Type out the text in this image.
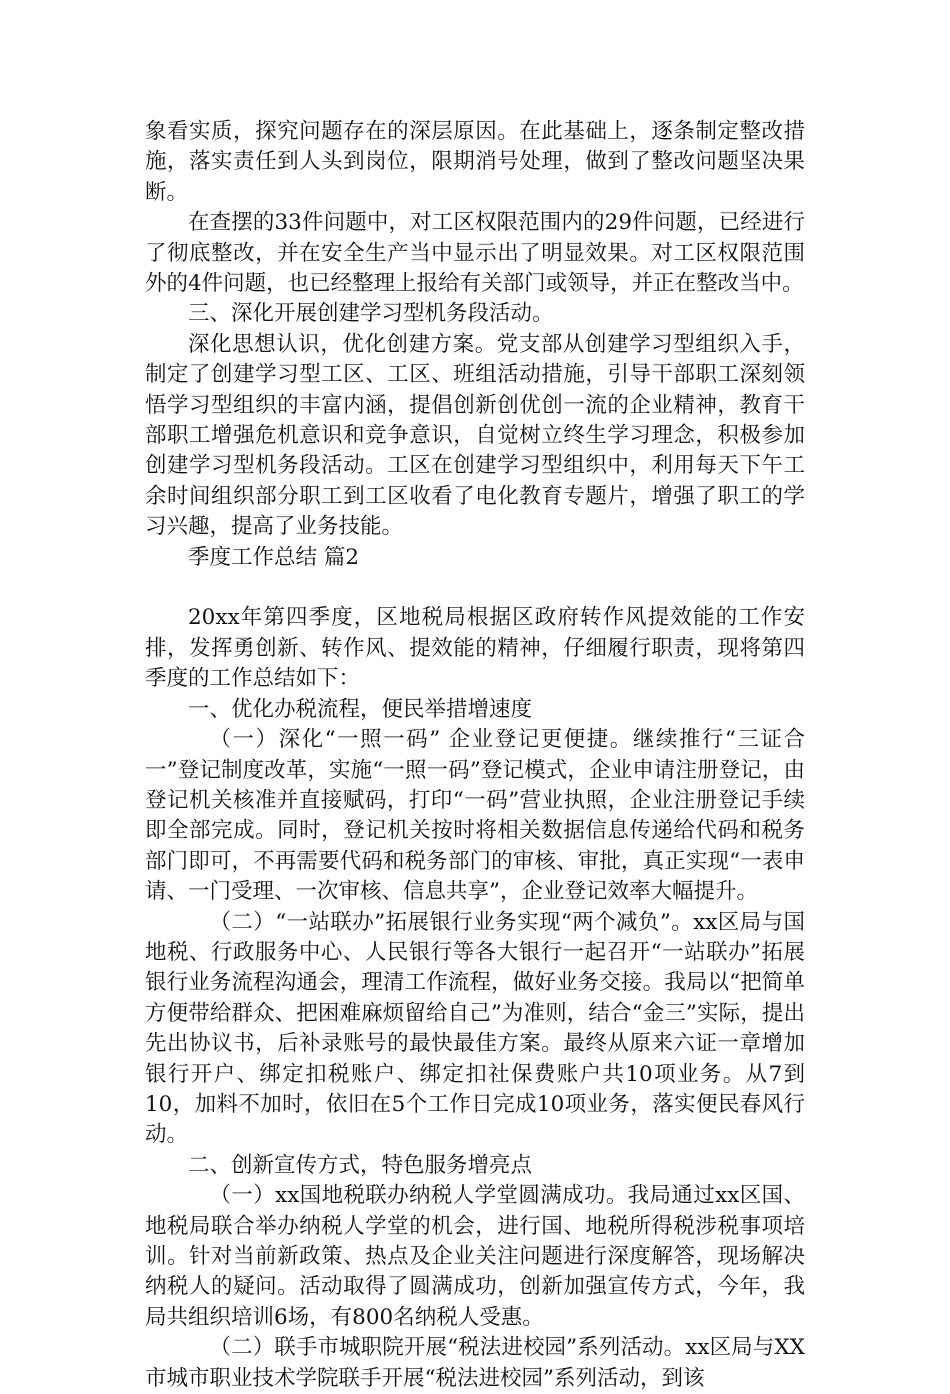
象看实质，探究问题存在的深层原因。在此基础上，逐条制定整改措施，落实责任到人头到岗位，限期消号处理，做到了整改问题坚决果断。

在查摆的33件问题中，对工区权限范围内的29件问题，已经进行了彻底整改，并在安全生产当中显示出了明显效果。对工区权限范围外的4件问题，也已经整理上报给有关部门或领导，并正在整改当中。

三、深化开展创建学习型机务段活动。

深化思想认识，优化创建方案。党支部从创建学习型组织入手，制定了创建学习型工区、工区、班组活动措施，引导干部职工深刻领悟学习型组织的丰富内涵，提倡创新创优创一流的企业精神，教育干部职工增强危机意识和竞争意识，自觉树立终生学习理念，积极参加创建学习型机务段活动。工区在创建学习型组织中，利用每天下午工余时间组织部分职工到工区收看了电化教育专题片，增强了职工的学习兴趣，提高了业务技能。

季度工作总结 篇2

20xx年第四季度，区地税局根据区政府转作风提效能的工作安排，发挥勇创新、转作风、提效能的精神，仔细履行职责，现将第四季度的工作总结如下：

一、优化办税流程，便民举措增速度

（一）深化“一照一码” 企业登记更便捷。继续推行“三证合一”登记制度改革，实施“一照一码”登记模式，企业申请注册登记，由登记机关核准并直接赋码，打印“一码”营业执照，企业注册登记手续即全部完成。同时，登记机关按时将相关数据信息传递给代码和税务部门即可，不再需要代码和税务部门的审核、审批，真正实现“一表申请、一门受理、一次审核、信息共享”，企业登记效率大幅提升。

（二）“一站联办”拓展银行业务实现“两个减负”。xx区局与国地税、行政服务中心、人民银行等各大银行一起召开“一站联办”拓展银行业务流程沟通会，理清工作流程，做好业务交接。我局以“把简单方便带给群众、把困难麻烦留给自己”为准则，结合“金三”实际，提出先出协议书，后补录账号的最快最佳方案。最终从原来六证一章增加银行开户、绑定扣税账户、绑定扣社保费账户共10项业务。从7到10，加料不加时，依旧在5个工作日完成10项业务，落实便民春风行动。

二、创新宣传方式，特色服务增亮点

（一）xx国地税联办纳税人学堂圆满成功。我局通过xx区国、地税局联合举办纳税人学堂的机会，进行国、地税所得税涉税事项培训。针对当前新政策、热点及企业关注问题进行深度解答，现场解决纳税人的疑问。活动取得了圆满成功，创新加强宣传方式，今年，我局共组织培训6场，有800名纳税人受惠。

（二）联手市城职院开展“税法进校园”系列活动。xx区局与XX市城市职业技术学院联手开展“税法进校园”系列活动，到该
